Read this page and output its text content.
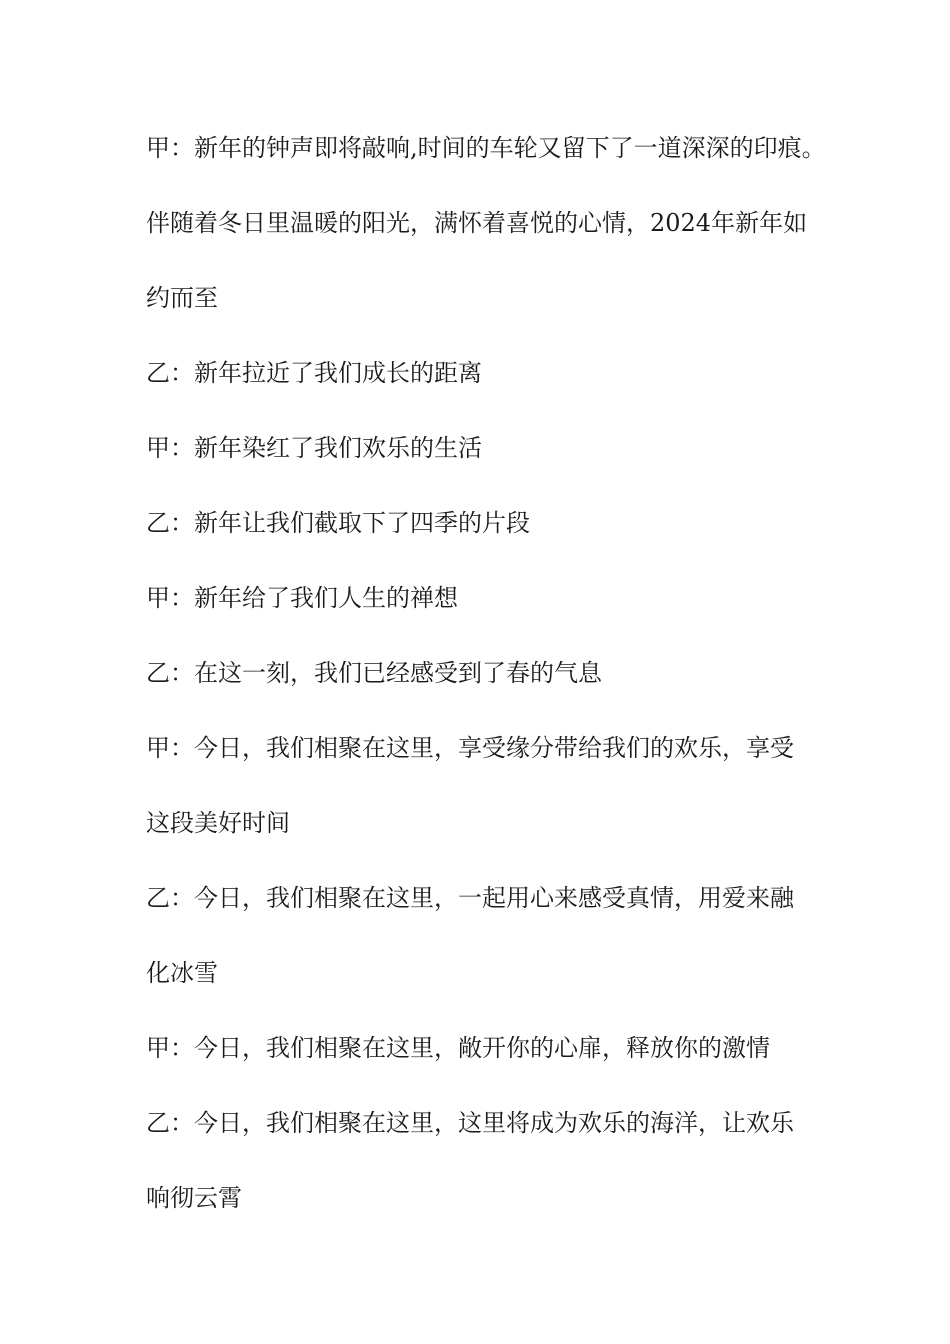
甲：新年的钟声即将敲响,时间的车轮又留下了一道深深的印痕。
伴随着冬日里温暖的阳光，满怀着喜悦的心情，2024年新年如
约而至
乙：新年拉近了我们成长的距离
甲：新年染红了我们欢乐的生活
乙：新年让我们截取下了四季的片段
甲：新年给了我们人生的禅想
乙：在这一刻，我们已经感受到了春的气息
甲：今日，我们相聚在这里，享受缘分带给我们的欢乐，享受
这段美好时间
乙：今日，我们相聚在这里，一起用心来感受真情，用爱来融
化冰雪
甲：今日，我们相聚在这里，敞开你的心扉，释放你的激情
乙：今日，我们相聚在这里，这里将成为欢乐的海洋，让欢乐
响彻云霄
